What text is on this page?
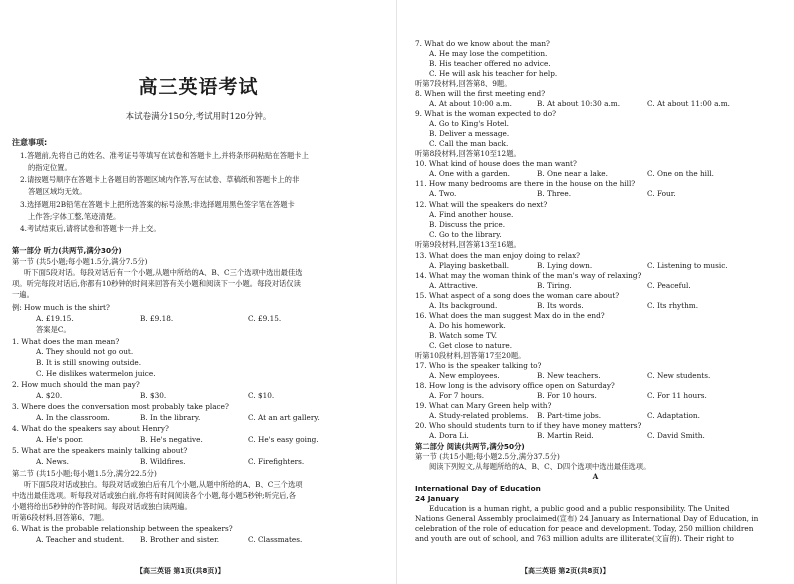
高三英语考试
本试卷满分150分,考试用时120分钟。
注意事项:
1.答题前,先将自己的姓名、准考证号等填写在试卷和答题卡上,并将条形码粘贴在答题卡上
的指定位置。
2.请按题号顺序在答题卡上各题目的答题区域内作答,写在试卷、草稿纸和答题卡上的非
答题区域均无效。
3.选择题用2B铅笔在答题卡上把所选答案的标号涂黑;非选择题用黑色签字笔在答题卡
上作答;字体工整,笔迹清楚。
4.考试结束后,请将试卷和答题卡一并上交。
第一部分 听力(共两节,满分30分)
第一节 (共5小题;每小题1.5分,满分7.5分)
听下面5段对话。每段对话后有一个小题,从题中所给的A、B、C三个选项中选出最佳选
项。听完每段对话后,你都有10秒钟的时间来回答有关小题和阅读下一小题。每段对话仅读
一遍。
例: How much is the shirt?
A. £19.15.	B. £9.18.	C. £9.15.
答案是C。
1. What does the man mean?
A. They should not go out.
B. It is still snowing outside.
C. He dislikes watermelon juice.
2. How much should the man pay?
A. $20.	B. $30.	C. $10.
3. Where does the conversation most probably take place?
A. In the classroom.	B. In the library.	C. At an art gallery.
4. What do the speakers say about Henry?
A. He's poor.	B. He's negative.	C. He's easy going.
5. What are the speakers mainly talking about?
A. News.	B. Wildfires.	C. Firefighters.
第二节 (共15小题;每小题1.5分,满分22.5分)
听下面5段对话或独白。每段对话或独白后有几个小题,从题中所给的A、B、C三个选项
中选出最佳选项。听每段对话或独白前,你将有时间阅读各个小题,每小题5秒钟;听完后,各
小题将给出5秒钟的作答时间。每段对话或独白读两遍。
听第6段材料,回答第6、7题。
6. What is the probable relationship between the speakers?
A. Teacher and student. B. Brother and sister.	C. Classmates.
【高三英语 第1页(共8页)】
7. What do we know about the man?
A. He may lose the competition.
B. His teacher offered no advice.
C. He will ask his teacher for help.
听第7段材料,回答第8、9题。
8. When will the first meeting end?
A. At about 10:00 a.m.	B. At about 10:30 a.m.	C. At about 11:00 a.m.
9. What is the woman expected to do?
A. Go to King's Hotel.
B. Deliver a message.
C. Call the man back.
听第8段材料,回答第10至12题。
10. What kind of house does the man want?
A. One with a garden.	B. One near a lake.	C. One on the hill.
11. How many bedrooms are there in the house on the hill?
A. Two.	B. Three.	C. Four.
12. What will the speakers do next?
A. Find another house.
B. Discuss the price.
C. Go to the library.
听第9段材料,回答第13至16题。
13. What does the man enjoy doing to relax?
A. Playing basketball.	B. Lying down.	C. Listening to music.
14. What may the woman think of the man's way of relaxing?
A. Attractive.	B. Tiring.	C. Peaceful.
15. What aspect of a song does the woman care about?
A. Its background.	B. Its words.	C. Its rhythm.
16. What does the man suggest Max do in the end?
A. Do his homework.
B. Watch some TV.
C. Get close to nature.
听第10段材料,回答第17至20题。
17. Who is the speaker talking to?
A. New employees.	B. New teachers.	C. New students.
18. How long is the advisory office open on Saturday?
A. For 7 hours.	B. For 10 hours.	C. For 11 hours.
19. What can Mary Green help with?
A. Study-related problems. B. Part-time jobs.	C. Adaptation.
20. Who should students turn to if they have money matters?
A. Dora Li.	B. Martin Reid.	C. David Smith.
第二部分 阅读(共两节,满分50分)
第一节 (共15小题;每小题2.5分,满分37.5分)
阅读下列短文,从每题所给的A、B、C、D四个选项中选出最佳选项。
A
International Day of Education
24 January
Education is a human right, a public good and a public responsibility. The United
Nations General Assembly proclaimed(宣布) 24 January as International Day of Education, in
celebration of the role of education for peace and development. Today, 250 million children
and youth are out of school, and 763 million adults are illiterate(文盲的). Their right to
【高三英语 第2页(共8页)】
